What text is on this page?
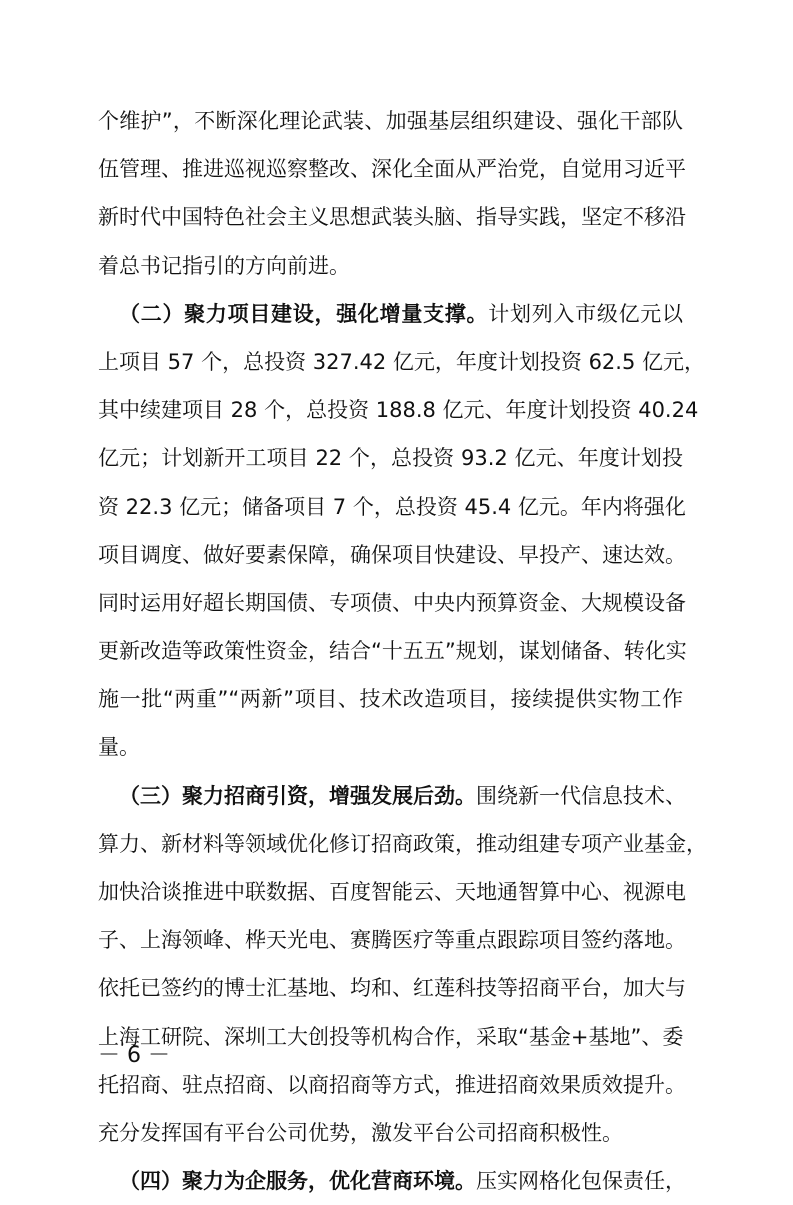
个维护”，不断深化理论武装、加强基层组织建设、强化干部队
伍管理、推进巡视巡察整改、深化全面从严治党，自觉用习近平
新时代中国特色社会主义思想武装头脑、指导实践，坚定不移沿
着总书记指引的方向前进。
（二）聚力项目建设，强化增量支撑。计划列入市级亿元以
上项目 57 个，总投资 327.42 亿元，年度计划投资 62.5 亿元，
其中续建项目 28 个，总投资 188.8 亿元、年度计划投资 40.24
亿元；计划新开工项目 22 个，总投资 93.2 亿元、年度计划投
资 22.3 亿元；储备项目 7 个，总投资 45.4 亿元。年内将强化
项目调度、做好要素保障，确保项目快建设、早投产、速达效。
同时运用好超长期国债、专项债、中央内预算资金、大规模设备
更新改造等政策性资金，结合“十五五”规划，谋划储备、转化实
施一批“两重”“两新”项目、技术改造项目，接续提供实物工作
量。
（三）聚力招商引资，增强发展后劲。围绕新一代信息技术、
算力、新材料等领域优化修订招商政策，推动组建专项产业基金，
加快洽谈推进中联数据、百度智能云、天地通智算中心、视源电
子、上海领峰、桦天光电、赛腾医疗等重点跟踪项目签约落地。
依托已签约的博士汇基地、均和、红莲科技等招商平台，加大与
上海工研院、深圳工大创投等机构合作，采取“基金+基地”、委
托招商、驻点招商、以商招商等方式，推进招商效果质效提升。
充分发挥国有平台公司优势，激发平台公司招商积极性。
（四）聚力为企服务，优化营商环境。压实网格化包保责任，
－ 6 －
